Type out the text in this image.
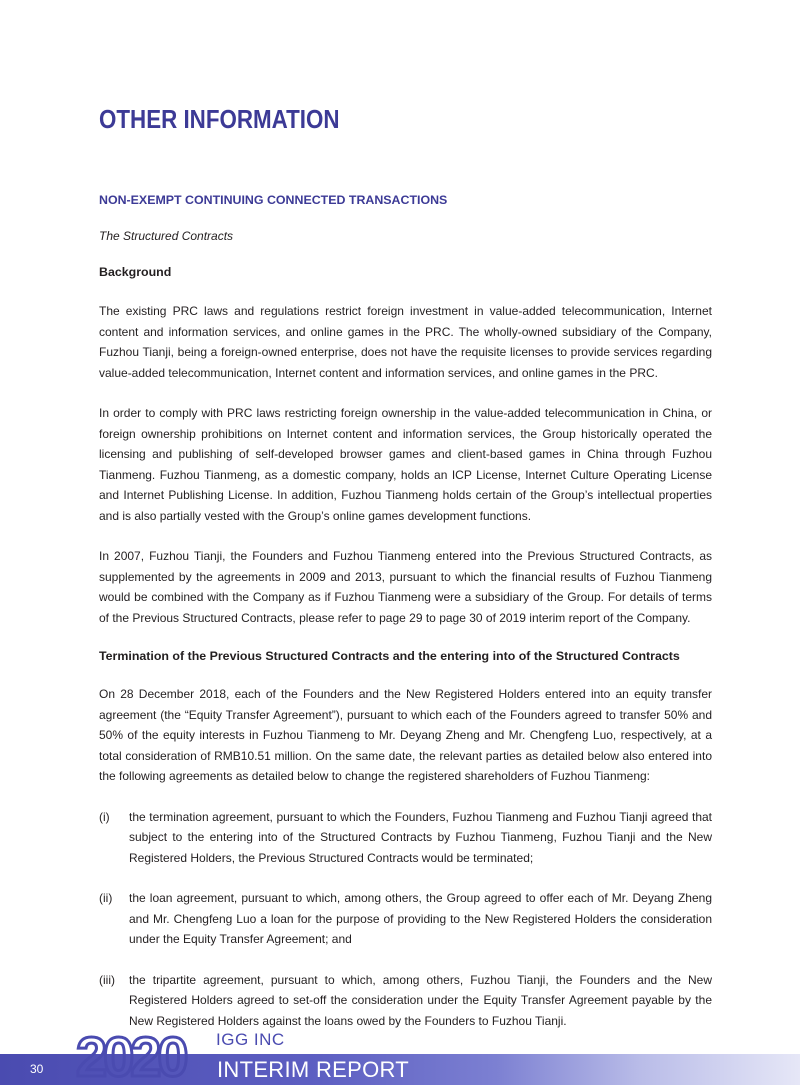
OTHER INFORMATION
NON-EXEMPT CONTINUING CONNECTED TRANSACTIONS

The Structured Contracts

Background

The existing PRC laws and regulations restrict foreign investment in value-added telecommunication, Internet content and information services, and online games in the PRC. The wholly-owned subsidiary of the Company, Fuzhou Tianji, being a foreign-owned enterprise, does not have the requisite licenses to provide services regarding value-added telecommunication, Internet content and information services, and online games in the PRC.

In order to comply with PRC laws restricting foreign ownership in the value-added telecommunication in China, or foreign ownership prohibitions on Internet content and information services, the Group historically operated the licensing and publishing of self-developed browser games and client-based games in China through Fuzhou Tianmeng. Fuzhou Tianmeng, as a domestic company, holds an ICP License, Internet Culture Operating License and Internet Publishing License. In addition, Fuzhou Tianmeng holds certain of the Group’s intellectual properties and is also partially vested with the Group’s online games development functions.

In 2007, Fuzhou Tianji, the Founders and Fuzhou Tianmeng entered into the Previous Structured Contracts, as supplemented by the agreements in 2009 and 2013, pursuant to which the financial results of Fuzhou Tianmeng would be combined with the Company as if Fuzhou Tianmeng were a subsidiary of the Group. For details of terms of the Previous Structured Contracts, please refer to page 29 to page 30 of 2019 interim report of the Company.

Termination of the Previous Structured Contracts and the entering into of the Structured Contracts

On 28 December 2018, each of the Founders and the New Registered Holders entered into an equity transfer agreement (the “Equity Transfer Agreement”), pursuant to which each of the Founders agreed to transfer 50% and 50% of the equity interests in Fuzhou Tianmeng to Mr. Deyang Zheng and Mr. Chengfeng Luo, respectively, at a total consideration of RMB10.51 million. On the same date, the relevant parties as detailed below also entered into the following agreements as detailed below to change the registered shareholders of Fuzhou Tianmeng:

(i) the termination agreement, pursuant to which the Founders, Fuzhou Tianmeng and Fuzhou Tianji agreed that subject to the entering into of the Structured Contracts by Fuzhou Tianmeng, Fuzhou Tianji and the New Registered Holders, the Previous Structured Contracts would be terminated;
(ii) the loan agreement, pursuant to which, among others, the Group agreed to offer each of Mr. Deyang Zheng and Mr. Chengfeng Luo a loan for the purpose of providing to the New Registered Holders the consideration under the Equity Transfer Agreement; and
(iii) the tripartite agreement, pursuant to which, among others, Fuzhou Tianji, the Founders and the New Registered Holders agreed to set-off the consideration under the Equity Transfer Agreement payable by the New Registered Holders against the loans owed by the Founders to Fuzhou Tianji.
30 2020 IGG INC
INTERIM REPORT
